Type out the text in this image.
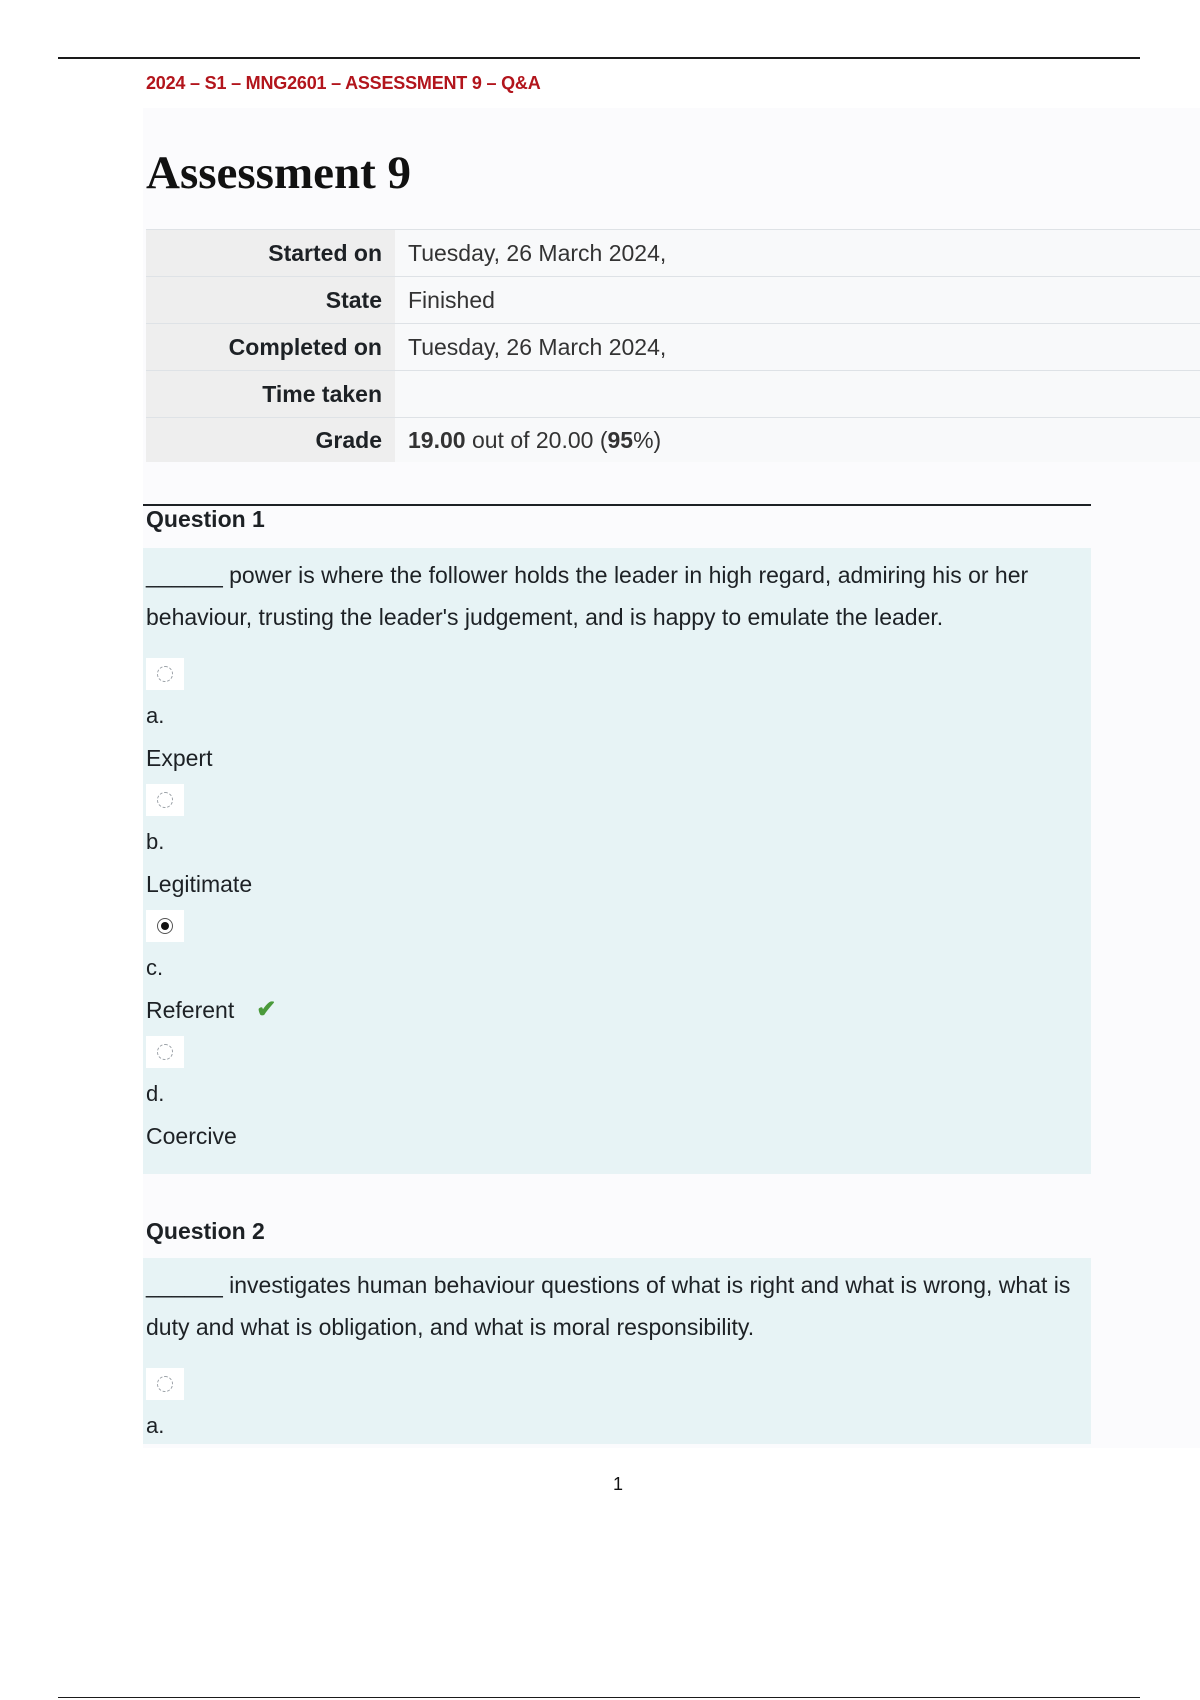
2024 – S1 – MNG2601 – ASSESSMENT 9 – Q&A
Assessment 9
Started on	Tuesday, 26 March 2024,
State	Finished
Completed on	Tuesday, 26 March 2024,
Time taken	
Grade	19.00 out of 20.00 (95%)
Question 1

______ power is where the follower holds the leader in high regard, admiring his or her behaviour, trusting the leader's judgement, and is happy to emulate the leader.

a.
Expert
b.
Legitimate
c.
Referent ✔
d.
Coercive
Question 2

______ investigates human behaviour questions of what is right and what is wrong, what is duty and what is obligation, and what is moral responsibility.

a.
1
